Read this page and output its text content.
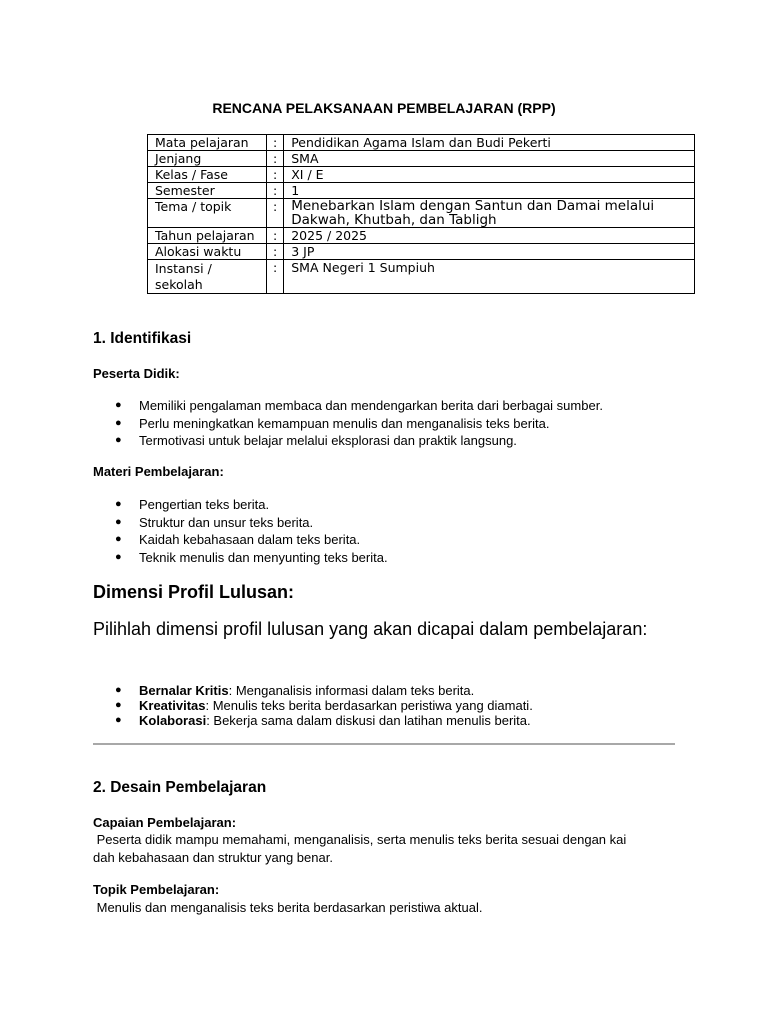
RENCANA PELAKSANAAN PEMBELAJARAN (RPP)
Mata pelajaran	:	Pendidikan Agama Islam dan Budi Pekerti
Jenjang	:	SMA
Kelas / Fase	:	XI / E
Semester	:	1
Tema / topik	:	Menebarkan Islam dengan Santun dan Damai melalui Dakwah, Khutbah, dan Tabligh
Tahun pelajaran	:	2025 / 2025
Alokasi waktu	:	3 JP
Instansi / sekolah	:	SMA Negeri 1 Sumpiuh
1. Identifikasi
Peserta Didik:
● Memiliki pengalaman membaca dan mendengarkan berita dari berbagai sumber.
● Perlu meningkatkan kemampuan menulis dan menganalisis teks berita.
● Termotivasi untuk belajar melalui eksplorasi dan praktik langsung.
Materi Pembelajaran:
● Pengertian teks berita.
● Struktur dan unsur teks berita.
● Kaidah kebahasaan dalam teks berita.
● Teknik menulis dan menyunting teks berita.
Dimensi Profil Lulusan:
Pilihlah dimensi profil lulusan yang akan dicapai dalam pembelajaran:
● Bernalar Kritis: Menganalisis informasi dalam teks berita.
● Kreativitas: Menulis teks berita berdasarkan peristiwa yang diamati.
● Kolaborasi: Bekerja sama dalam diskusi dan latihan menulis berita.
2. Desain Pembelajaran
Capaian Pembelajaran:
Peserta didik mampu memahami, menganalisis, serta menulis teks berita sesuai dengan kai
dah kebahasaan dan struktur yang benar.
Topik Pembelajaran:
Menulis dan menganalisis teks berita berdasarkan peristiwa aktual.
